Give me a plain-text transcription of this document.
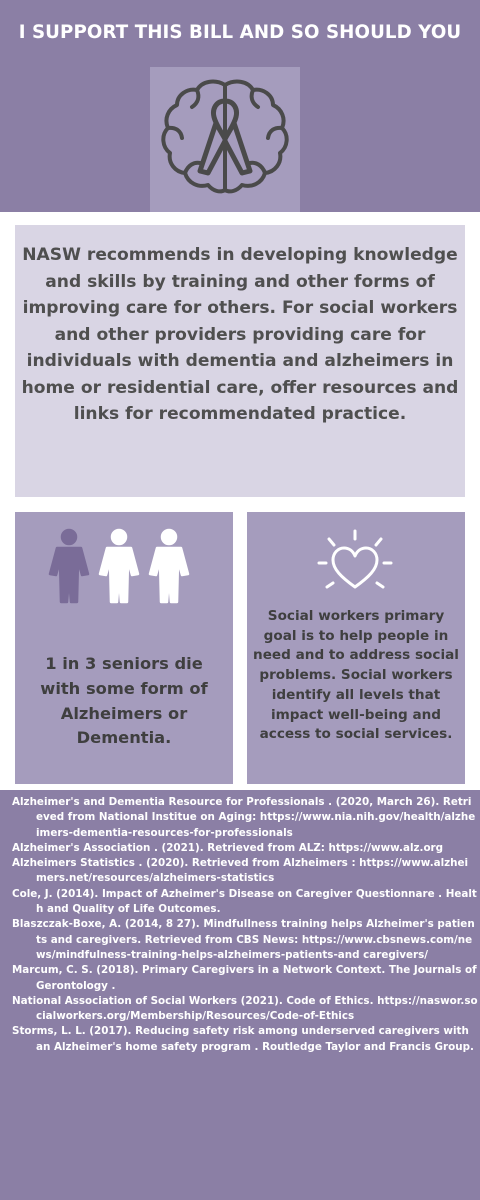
I SUPPORT THIS BILL AND SO SHOULD YOU

NASW recommends in developing knowledge and skills by training and other forms of improving care for others. For social workers and other providers providing care for individuals with dementia and alzheimers in home or residential care, offer resources and links for recommendated practice.

1 in 3 seniors die with some form of Alzheimers or Dementia.

Social workers primary goal is to help people in need and to address social problems. Social workers identify all levels that impact well-being and access to social services.

Alzheimer's and Dementia Resource for Professionals . (2020, March 26). Retrieved from National Institue on Aging: https://www.nia.nih.gov/health/alzheimers-dementia-resources-for-professionals

Alzheimer's Association . (2021). Retrieved from ALZ: https://www.alz.org

Alzheimers Statistics . (2020). Retrieved from Alzheimers : https://www.alzheimers.net/resources/alzheimers-statistics

Cole, J. (2014). Impact of Azheimer's Disease on Caregiver Questionnare . Health and Quality of Life Outcomes.

Blaszczak-Boxe, A. (2014, 8 27). Mindfullness training helps Alzheimer's patients and caregivers. Retrieved from CBS News: https://www.cbsnews.com/news/mindfulness-training-helps-alzheimers-patients-and caregivers/

Marcum, C. S. (2018). Primary Caregivers in a Network Context. The Journals of Gerontology .

National Association of Social Workers (2021). Code of Ethics. https://naswor.socialworkers.org/Membership/Resources/Code-of-Ethics

Storms, L. L. (2017). Reducing safety risk among underserved caregivers with an Alzheimer's home safety program . Routledge Taylor and Francis Group.
